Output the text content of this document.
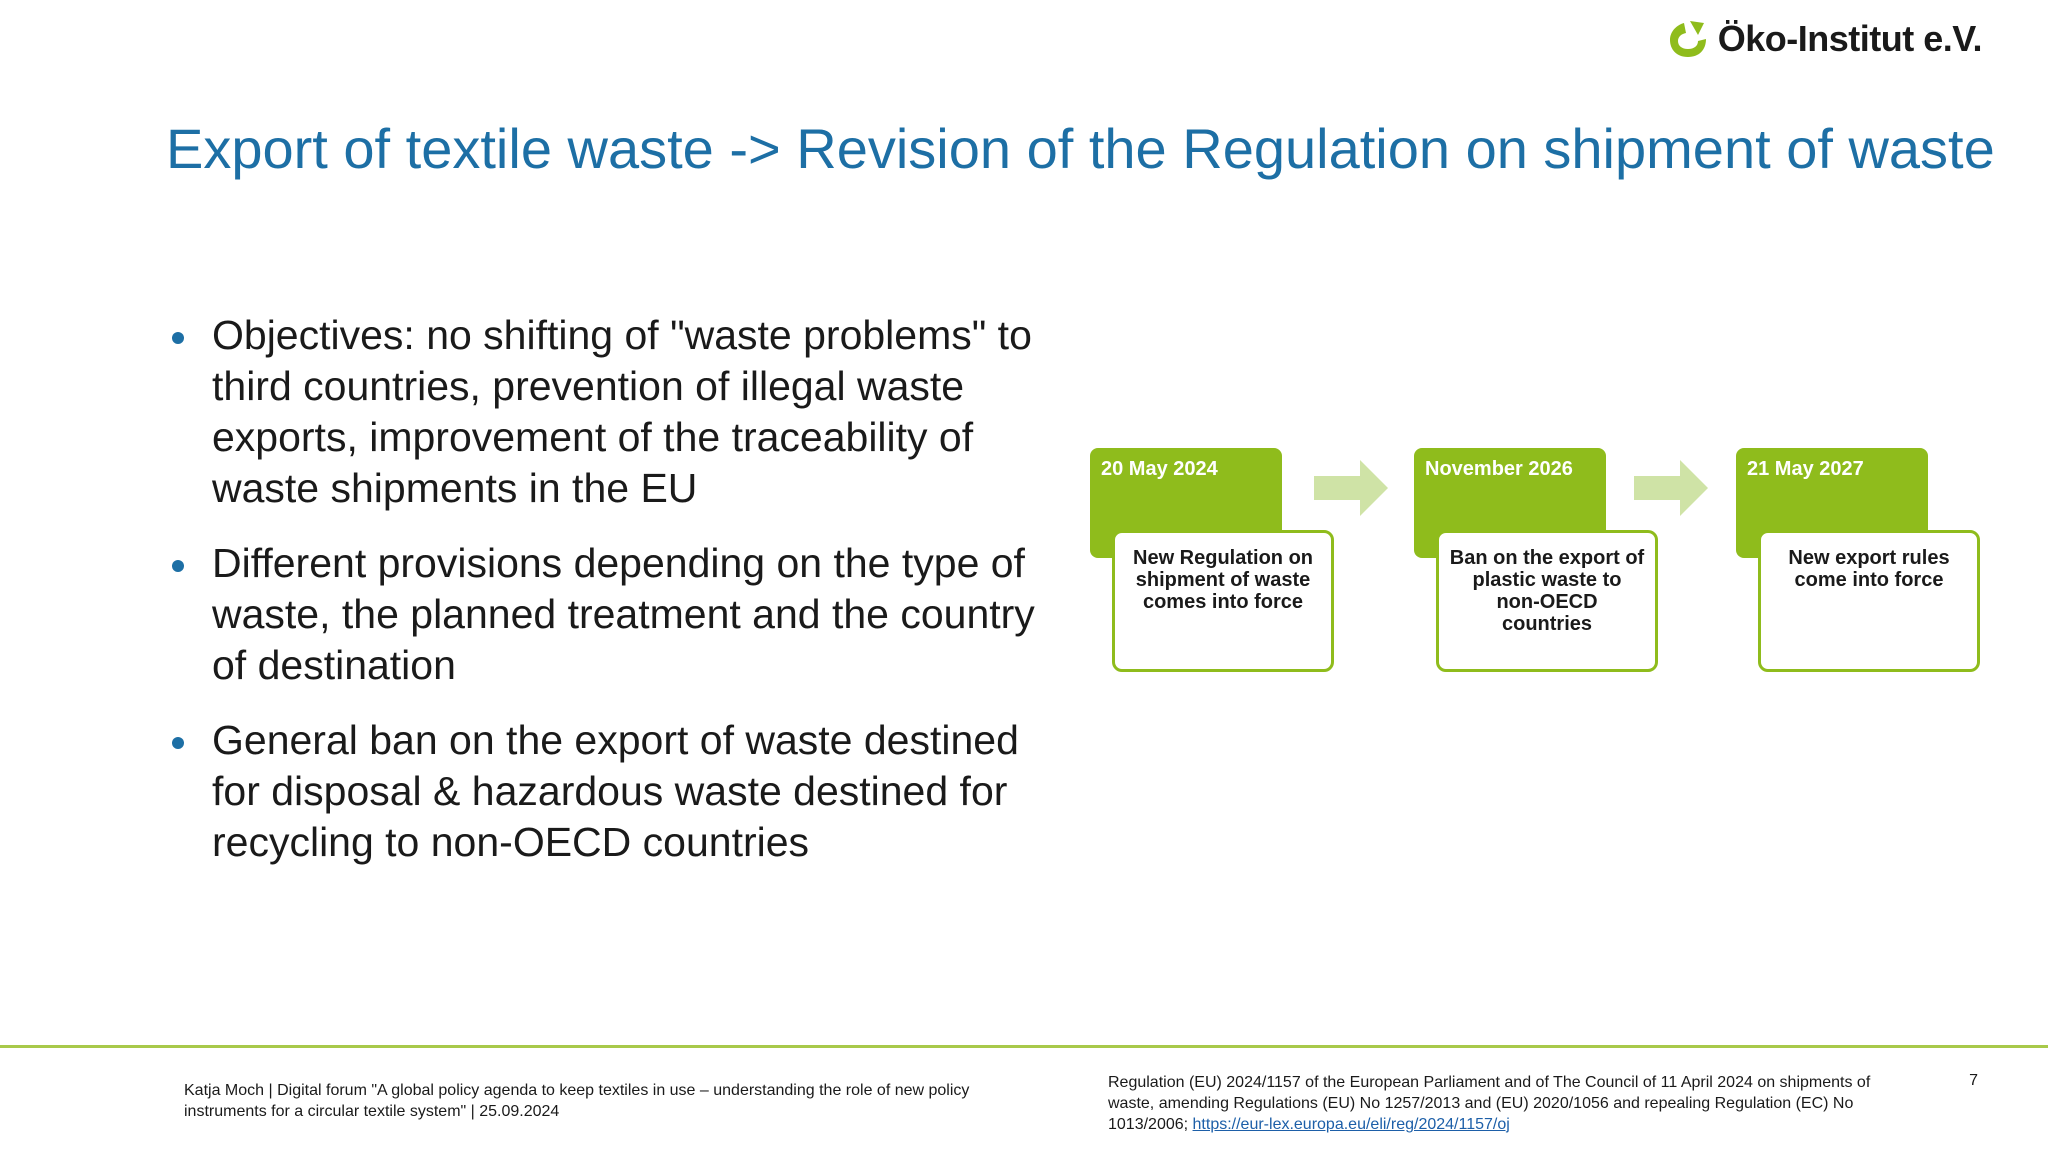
Öko-Institut e.V.
Export of textile waste -> Revision of the Regulation on shipment of waste
Objectives: no shifting of "waste problems" to third countries, prevention of illegal waste exports, improvement of the traceability of waste shipments in the EU
Different provisions depending on the type of waste, the planned treatment and the country of destination
General ban on the export of waste destined for disposal & hazardous waste destined for recycling to non-OECD countries
20 May 2024
New Regulation on shipment of waste comes into force
November 2026
Ban on the export of plastic waste to non-OECD countries
21 May 2027
New export rules come into force
Katja Moch | Digital forum "A global policy agenda to keep textiles in use – understanding the role of new policy instruments for a circular textile system" | 25.09.2024
Regulation (EU) 2024/1157 of the European Parliament and of The Council of 11 April 2024 on shipments of waste, amending Regulations (EU) No 1257/2013 and (EU) 2020/1056 and repealing Regulation (EC) No 1013/2006; https://eur-lex.europa.eu/eli/reg/2024/1157/oj
7
